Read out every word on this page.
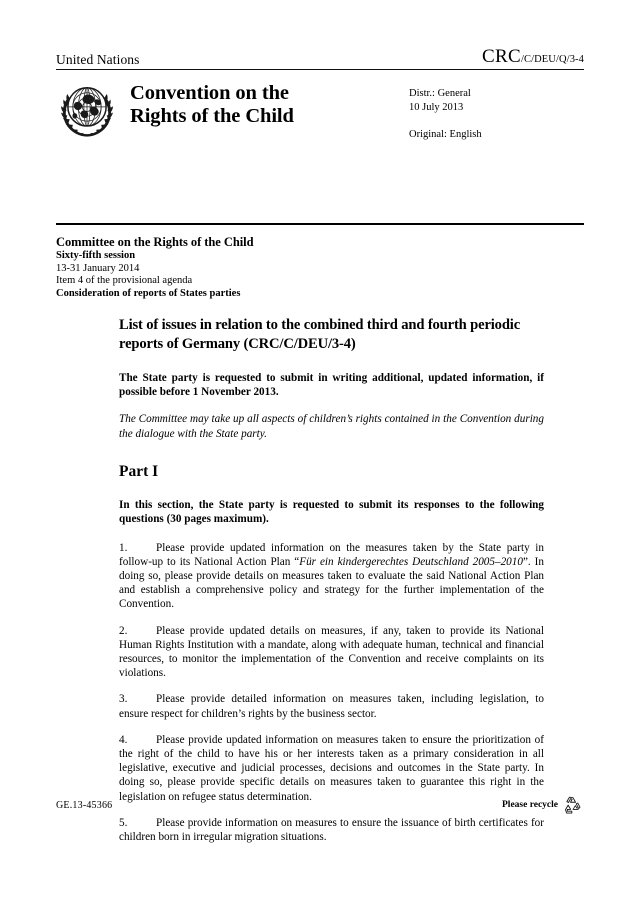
United Nations	CRC/C/DEU/Q/3-4
Convention on the
Rights of the Child
Distr.: General
10 July 2013
Original: English
Committee on the Rights of the Child
Sixty-fifth session
13-31 January 2014
Item 4 of the provisional agenda
Consideration of reports of States parties
List of issues in relation to the combined third and fourth periodic reports of Germany (CRC/C/DEU/3-4)

The State party is requested to submit in writing additional, updated information, if possible before 1 November 2013.

The Committee may take up all aspects of children’s rights contained in the Convention during the dialogue with the State party.

Part I

In this section, the State party is requested to submit its responses to the following questions (30 pages maximum).

1.	Please provide updated information on the measures taken by the State party in follow-up to its National Action Plan “Für ein kindergerechtes Deutschland 2005–2010”. In doing so, please provide details on measures taken to evaluate the said National Action Plan and establish a comprehensive policy and strategy for the further implementation of the Convention.

2.	Please provide updated details on measures, if any, taken to provide its National Human Rights Institution with a mandate, along with adequate human, technical and financial resources, to monitor the implementation of the Convention and receive complaints on its violations.

3.	Please provide detailed information on measures taken, including legislation, to ensure respect for children’s rights by the business sector.

4.	Please provide updated information on measures taken to ensure the prioritization of the right of the child to have his or her interests taken as a primary consideration in all legislative, executive and judicial processes, decisions and outcomes in the State party. In doing so, please provide specific details on measures taken to guarantee this right in the legislation on refugee status determination.

5.	Please provide information on measures to ensure the issuance of birth certificates for children born in irregular migration situations.

GE.13-45366	Please recycle
